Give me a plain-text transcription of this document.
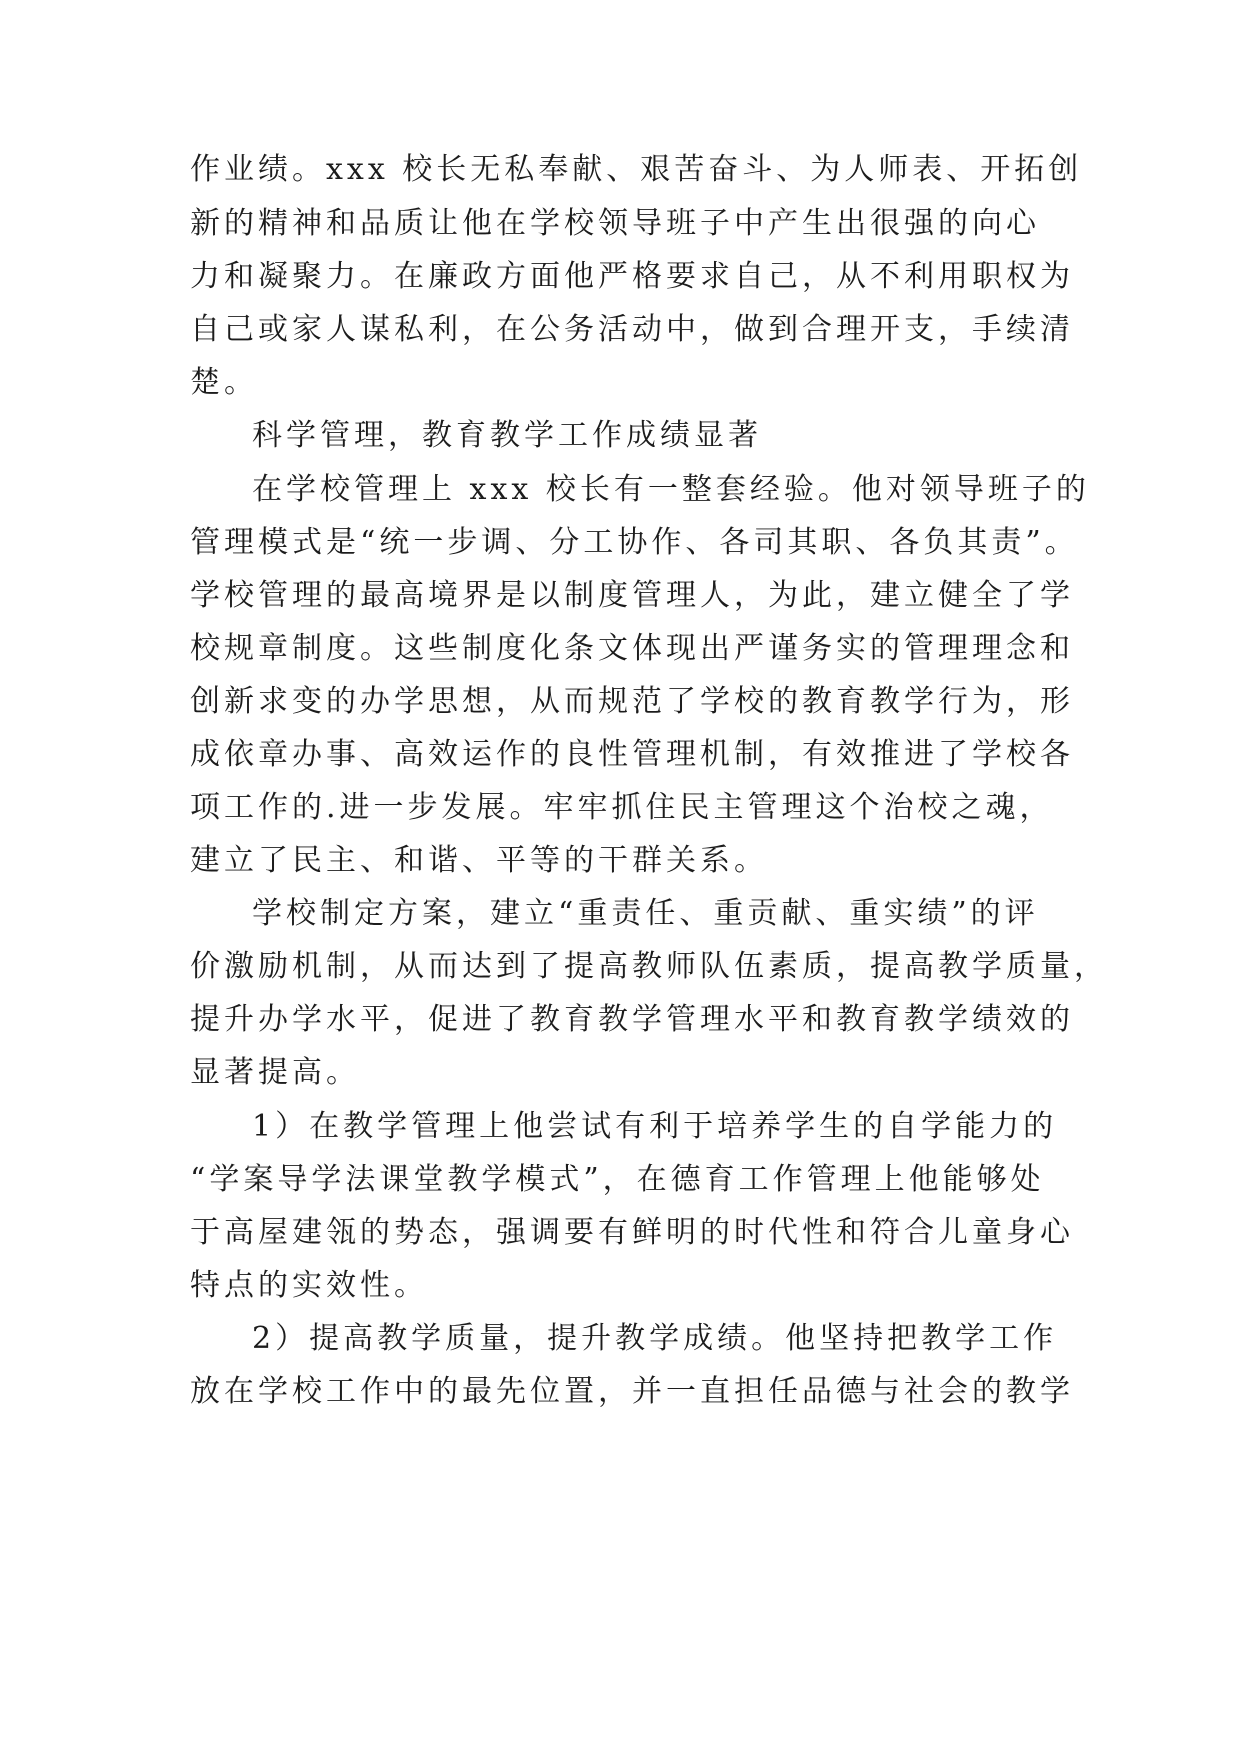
作业绩。xxx 校长无私奉献、艰苦奋斗、为人师表、开拓创
新的精神和品质让他在学校领导班子中产生出很强的向心
力和凝聚力。在廉政方面他严格要求自己，从不利用职权为
自己或家人谋私利，在公务活动中，做到合理开支，手续清
楚。
科学管理，教育教学工作成绩显著
在学校管理上 xxx 校长有一整套经验。他对领导班子的
管理模式是“统一步调、分工协作、各司其职、各负其责”。
学校管理的最高境界是以制度管理人，为此，建立健全了学
校规章制度。这些制度化条文体现出严谨务实的管理理念和
创新求变的办学思想，从而规范了学校的教育教学行为，形
成依章办事、高效运作的良性管理机制，有效推进了学校各
项工作的.进一步发展。牢牢抓住民主管理这个治校之魂，
建立了民主、和谐、平等的干群关系。
学校制定方案，建立“重责任、重贡献、重实绩”的评
价激励机制，从而达到了提高教师队伍素质，提高教学质量，
提升办学水平，促进了教育教学管理水平和教育教学绩效的
显著提高。
1）在教学管理上他尝试有利于培养学生的自学能力的
“学案导学法课堂教学模式”，在德育工作管理上他能够处
于高屋建瓴的势态，强调要有鲜明的时代性和符合儿童身心
特点的实效性。
2）提高教学质量，提升教学成绩。他坚持把教学工作
放在学校工作中的最先位置，并一直担任品德与社会的教学
